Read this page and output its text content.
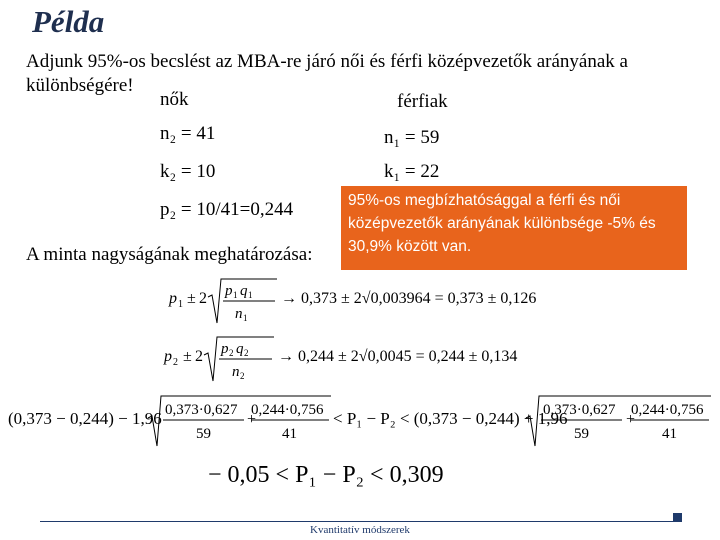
Példa
Adjunk 95%-os becslést az MBA-re járó női és férfi középvezetők arányának a
különbségére!
nők	férfiak
n₂ = 41	n₁ = 59
k₂ = 10	k₁ = 22
p₂ = 10/41=0,244
A minta nagyságának meghatározása:
95%-os megbízhatósággal a férfi és női középvezetők arányának különbsége -5% és 30,9% között van.
p 1 ± 2 p 1 q 1
n 1
→ 0,373 ± 2√0,003964 = 0,373 ± 0,126
p 2 ± 2 p 2 q 2
n 2
→ 0,244 ± 2√0,0045 = 0,244 ± 0,134
(0,373 − 0,244) − 1,96 0,373·0,627
59
+
0,244·0,756
41
< P₁ − P₂ < (0,373 − 0,244) + 1,96
0,373·0,627
59
+
0,244·0,756
41
− 0,05 < P₁ − P₂ < 0,309
Kvantitatív módszerek
